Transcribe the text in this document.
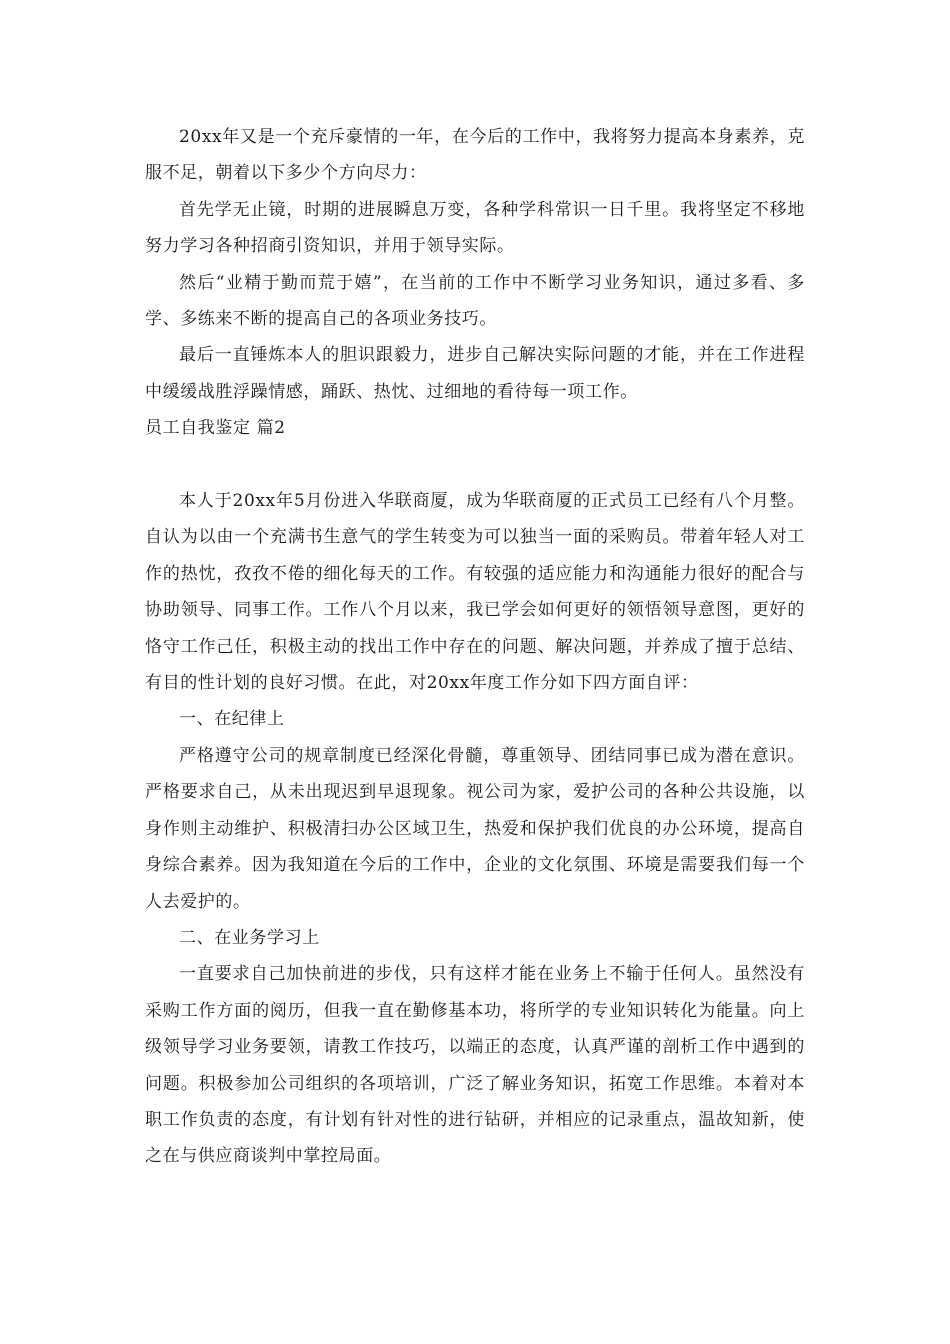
20xx年又是一个充斥豪情的一年，在今后的工作中，我将努力提高本身素养，克服不足，朝着以下多少个方向尽力：

首先学无止镜，时期的进展瞬息万变，各种学科常识一日千里。我将坚定不移地努力学习各种招商引资知识，并用于领导实际。

然后“业精于勤而荒于嬉”，在当前的工作中不断学习业务知识，通过多看、多学、多练来不断的提高自己的各项业务技巧。

最后一直锤炼本人的胆识跟毅力，进步自己解决实际问题的才能，并在工作进程中缓缓战胜浮躁情感，踊跃、热忱、过细地的看待每一项工作。

员工自我鉴定 篇2

本人于20xx年5月份进入华联商厦，成为华联商厦的正式员工已经有八个月整。自认为以由一个充满书生意气的学生转变为可以独当一面的采购员。带着年轻人对工作的热忱，孜孜不倦的细化每天的工作。有较强的适应能力和沟通能力很好的配合与协助领导、同事工作。工作八个月以来，我已学会如何更好的领悟领导意图，更好的恪守工作己任，积极主动的找出工作中存在的问题、解决问题，并养成了擅于总结、有目的性计划的良好习惯。在此，对20xx年度工作分如下四方面自评：

一、在纪律上

严格遵守公司的规章制度已经深化骨髓，尊重领导、团结同事已成为潜在意识。严格要求自己，从未出现迟到早退现象。视公司为家，爱护公司的各种公共设施，以身作则主动维护、积极清扫办公区域卫生，热爱和保护我们优良的办公环境，提高自身综合素养。因为我知道在今后的工作中，企业的文化氛围、环境是需要我们每一个人去爱护的。

二、在业务学习上

一直要求自己加快前进的步伐，只有这样才能在业务上不输于任何人。虽然没有采购工作方面的阅历，但我一直在勤修基本功，将所学的专业知识转化为能量。向上级领导学习业务要领，请教工作技巧，以端正的态度，认真严谨的剖析工作中遇到的问题。积极参加公司组织的各项培训，广泛了解业务知识，拓宽工作思维。本着对本职工作负责的态度，有计划有针对性的进行钻研，并相应的记录重点，温故知新，使之在与供应商谈判中掌控局面。
